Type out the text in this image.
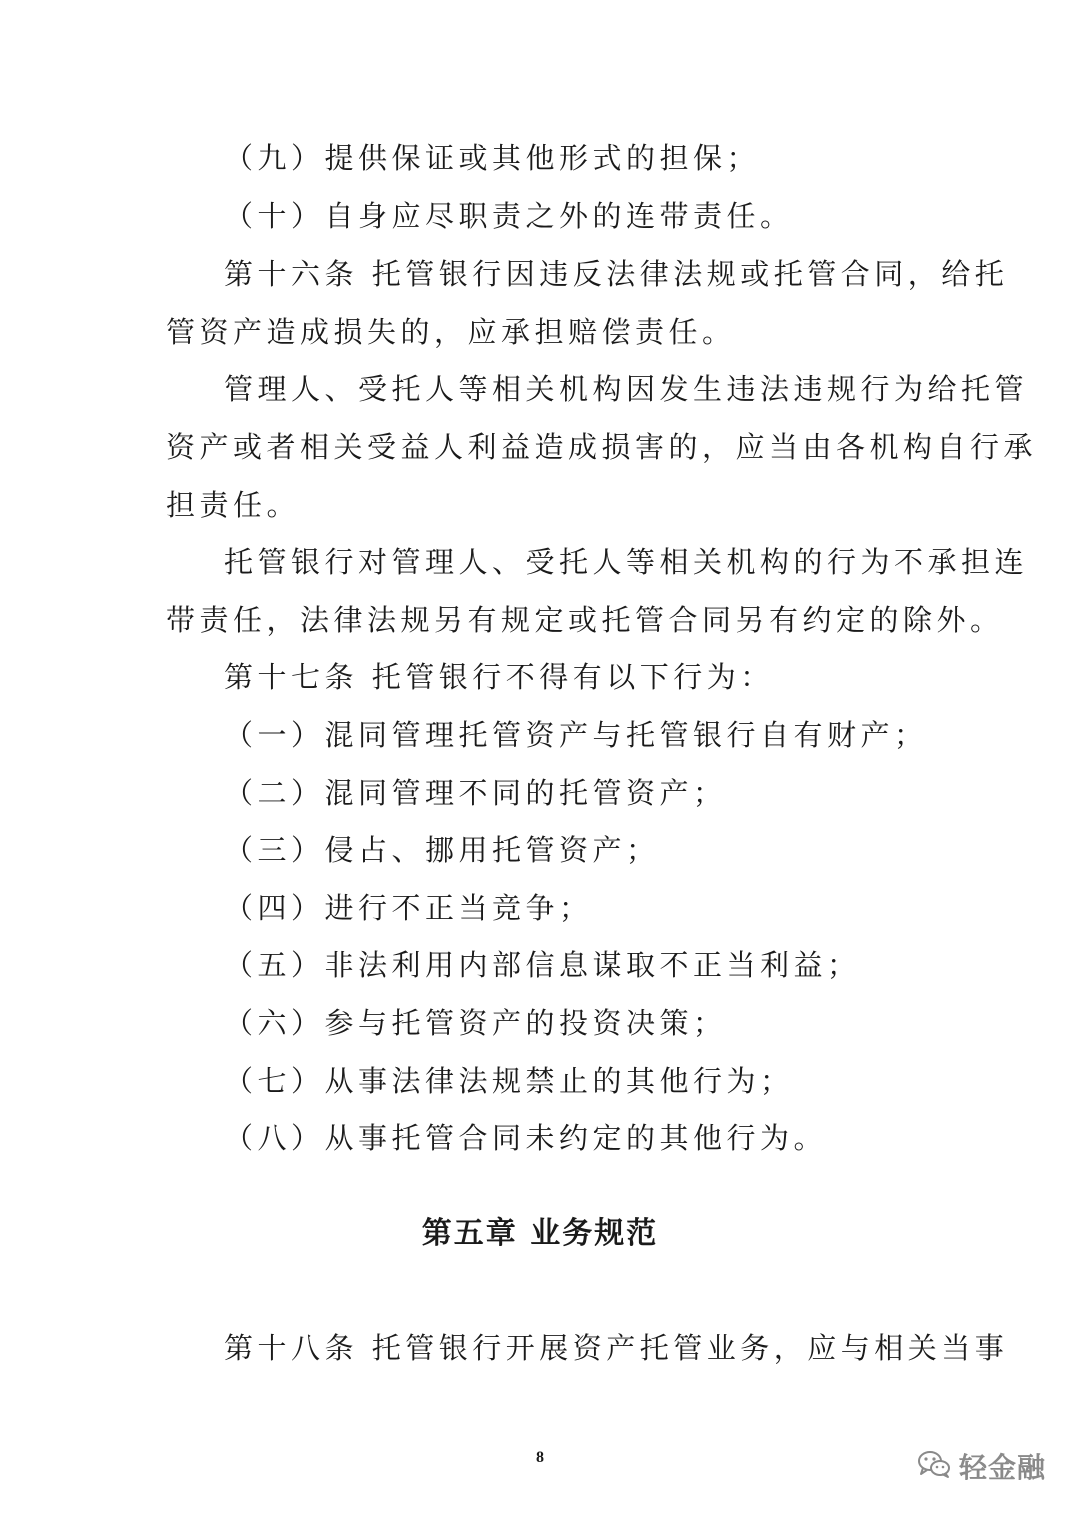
（九）提供保证或其他形式的担保；
（十）自身应尽职责之外的连带责任。
第十六条 托管银行因违反法律法规或托管合同，给托
管资产造成损失的，应承担赔偿责任。
管理人、受托人等相关机构因发生违法违规行为给托管
资产或者相关受益人利益造成损害的，应当由各机构自行承
担责任。
托管银行对管理人、受托人等相关机构的行为不承担连
带责任，法律法规另有规定或托管合同另有约定的除外。
第十七条 托管银行不得有以下行为：
（一）混同管理托管资产与托管银行自有财产；
（二）混同管理不同的托管资产；
（三）侵占、挪用托管资产；
（四）进行不正当竞争；
（五）非法利用内部信息谋取不正当利益；
（六）参与托管资产的投资决策；
（七）从事法律法规禁止的其他行为；
（八）从事托管合同未约定的其他行为。
第五章 业务规范
第十八条 托管银行开展资产托管业务，应与相关当事
8	轻金融
